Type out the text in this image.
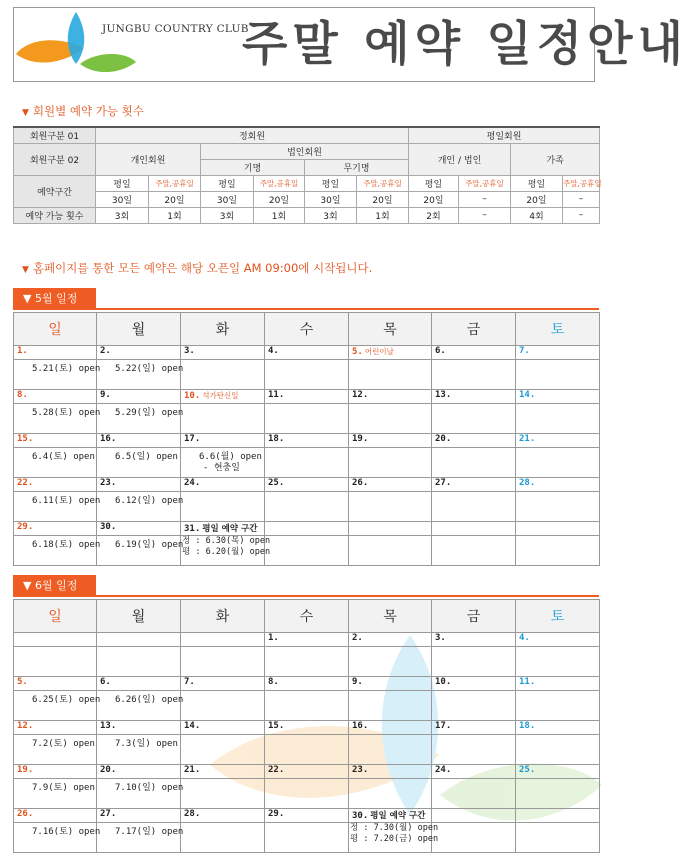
JUNGBU COUNTRY CLUB
주말 예약 일정안내
▼ 회원별 예약 가능 횟수
회원구분 01	정회원						평일회원			
회원구분 02	개인회원		법인회원				개인 / 법인		가족	
			기명		무기명					
예약구간	평일	주말,공휴일	평일	주말,공휴일	평일	주말,공휴일	평일	주말,공휴일	평일	주말,공휴일
	30일	20일	30일	20일	30일	20일	20일	–	20일	–
예약 가능 횟수	3회	1회	3회	1회	3회	1회	2회	–	4회	–
▼ 홈페이지를 통한 모든 예약은 해당 오픈일 AM 09:00에 시작됩니다.
▼ 5월 일정
일	월	화	수	목	금	토
1.	2.	3.	4.	5. 어린이날	6.	7.

5.21(토) open	5.22(일) open					

8.	9.	10. 석가탄신일	11.	12.	13.	14.

5.28(토) open	5.29(일) open					

15.	16.	17.	18.	19.	20.	21.

6.4(토) open	6.5(일) open	6.6(월) open
- 현충일				

22.	23.	24.	25.	26.	27.	28.

6.11(토) open	6.12(일) open					

29.	30.	31. 평일 예약 구간				

6.18(토) open	6.19(일) open	정 : 6.30(목) open
평 : 6.20(월) open				

▼ 6월 일정
일	월	화	수	목	금	토
			1.	2.	3.	4.

5.	6.	7.	8.	9.	10.	11.

6.25(토) open	6.26(일) open					

12.	13.	14.	15.	16.	17.	18.

7.2(토) open	7.3(일) open					

19.	20.	21.	22.	23.	24.	25.

7.9(토) open	7.10(일) open					

26.	27.	28.	29.	30. 평일 예약 구간		

7.16(토) open	7.17(일) open			정 : 7.30(월) open
평 : 7.20(금) open		
